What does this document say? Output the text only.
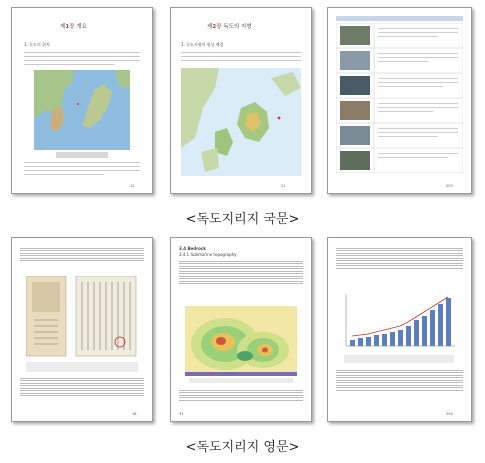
제1장 개요
1. 독도의 위치
12
제2장 독도의 지형
1. 독도지형의 형성 배경
21	203
<독도지리지 국문>
18
3.4 Bedrock
3.4.1 Submarine topography
31	204
<독도지리지 영문>
